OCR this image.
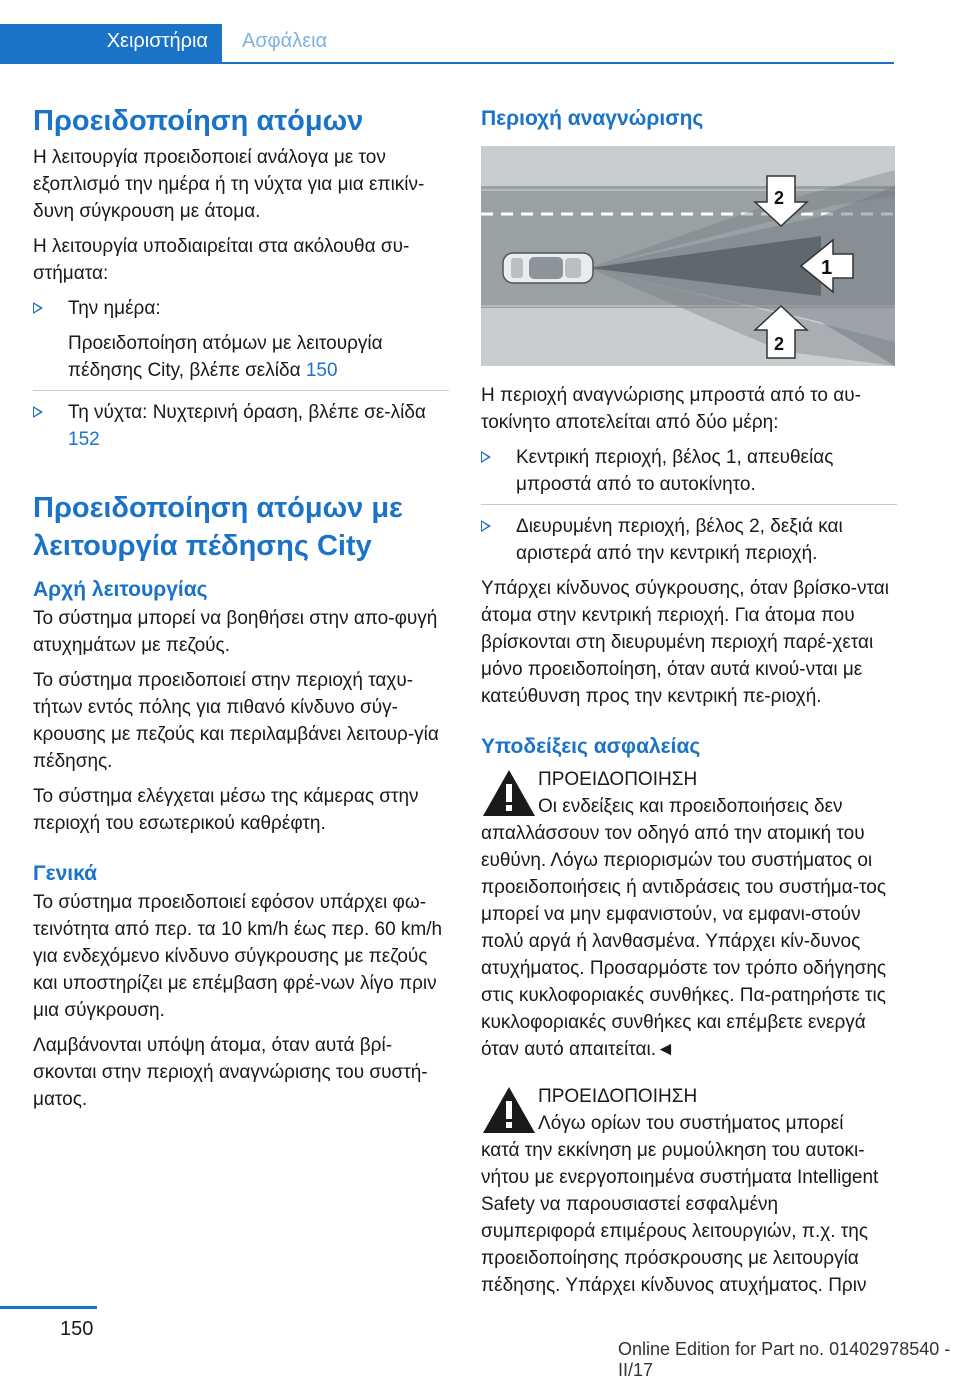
Χειριστήρια Ασφάλεια
Προειδοποίηση ατόμων

Η λειτουργία προειδοποιεί ανάλογα με τον εξοπλισμό την ημέρα ή τη νύχτα για μια επικίν-δυνη σύγκρουση με άτομα.

Η λειτουργία υποδιαιρείται στα ακόλουθα συ-στήματα:

Την ημέρα:
Προειδοποίηση ατόμων με λειτουργία πέδησης City, βλέπε σελίδα 150
Τη νύχτα: Νυχτερινή όραση, βλέπε σε-λίδα 152
Προειδοποίηση ατόμων με λειτουργία πέδησης City
Αρχή λειτουργίας

Το σύστημα μπορεί να βοηθήσει στην απο-φυγή ατυχημάτων με πεζούς.

Το σύστημα προειδοποιεί στην περιοχή ταχυ-τήτων εντός πόλης για πιθανό κίνδυνο σύγ-κρουσης με πεζούς και περιλαμβάνει λειτουρ-γία πέδησης.

Το σύστημα ελέγχεται μέσω της κάμερας στην περιοχή του εσωτερικού καθρέφτη.

Γενικά

Το σύστημα προειδοποιεί εφόσον υπάρχει φω-τεινότητα από περ. τα 10 km/h έως περ. 60 km/h για ενδεχόμενο κίνδυνο σύγκρουσης με πεζούς και υποστηρίζει με επέμβαση φρέ-νων λίγο πριν μια σύγκρουση.

Λαμβάνονται υπόψη άτομα, όταν αυτά βρί-σκονται στην περιοχή αναγνώρισης του συστή-ματος.

Περιοχή αναγνώρισης
1
2
2

Η περιοχή αναγνώρισης μπροστά από το αυ-τοκίνητο αποτελείται από δύο μέρη:

Κεντρική περιοχή, βέλος 1, απευθείας μπροστά από το αυτοκίνητο.
Διευρυμένη περιοχή, βέλος 2, δεξιά και αριστερά από την κεντρική περιοχή.

Υπάρχει κίνδυνος σύγκρουσης, όταν βρίσκο-νται άτομα στην κεντρική περιοχή. Για άτομα που βρίσκονται στη διευρυμένη περιοχή παρέ-χεται μόνο προειδοποίηση, όταν αυτά κινού-νται με κατεύθυνση προς την κεντρική πε-ριοχή.

Υποδείξεις ασφαλείας
ΠΡΟΕΙΔΟΠΟΙΗΣΗ
Οι ενδείξεις και προειδοποιήσεις δεν
απαλλάσσουν τον οδηγό από την ατομική του ευθύνη. Λόγω περιορισμών του συστήματος οι προειδοποιήσεις ή αντιδράσεις του συστήμα-τος μπορεί να μην εμφανιστούν, να εμφανι-στούν πολύ αργά ή λανθασμένα. Υπάρχει κίν-δυνος ατυχήματος. Προσαρμόστε τον τρόπο οδήγησης στις κυκλοφοριακές συνθήκες. Πα-ρατηρήστε τις κυκλοφοριακές συνθήκες και επέμβετε ενεργά όταν αυτό απαιτείται.◄
ΠΡΟΕΙΔΟΠΟΙΗΣΗ
Λόγω ορίων του συστήματος μπορεί
κατά την εκκίνηση με ρυμούλκηση του αυτοκι-νήτου με ενεργοποιημένα συστήματα Intelligent Safety να παρουσιαστεί εσφαλμένη συμπεριφορά επιμέρους λειτουργιών, π.χ. της προειδοποίησης πρόσκρουσης με λειτουργία πέδησης. Υπάρχει κίνδυνος ατυχήματος. Πριν
150
Online Edition for Part no. 01402978540 - II/17
